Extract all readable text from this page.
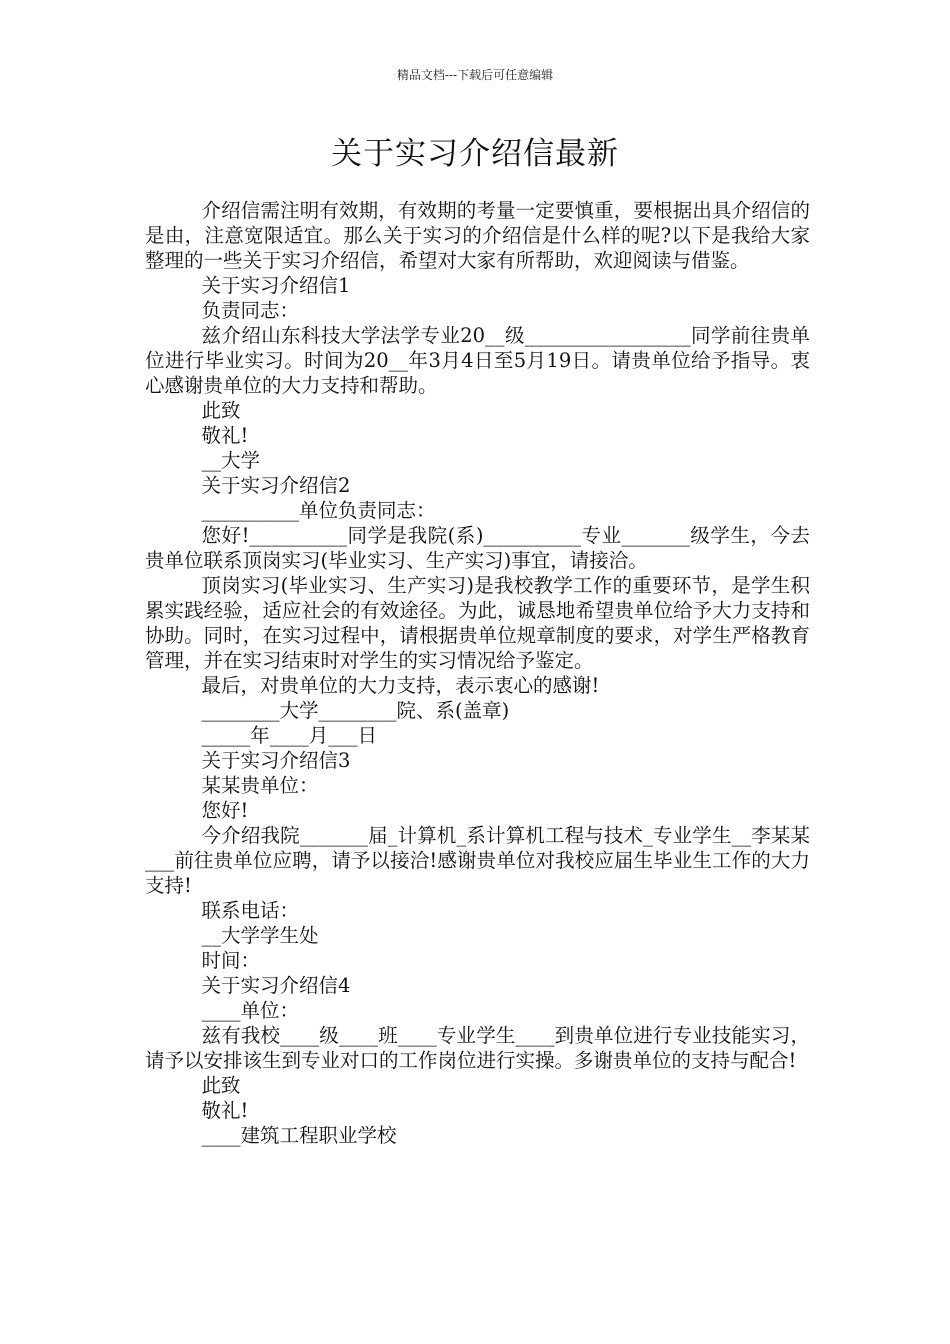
精品文档---下载后可任意编辑
关于实习介绍信最新

介绍信需注明有效期，有效期的考量一定要慎重，要根据出具介绍信的是由，注意宽限适宜。那么关于实习的介绍信是什么样的呢?以下是我给大家整理的一些关于实习介绍信，希望对大家有所帮助，欢迎阅读与借鉴。

关于实习介绍信1

负责同志：

兹介绍山东科技大学法学专业20__级_________________同学前往贵单位进行毕业实习。时间为20__年3月4日至5月19日。请贵单位给予指导。衷心感谢贵单位的大力支持和帮助。

此致

敬礼!

__大学

关于实习介绍信2

__________单位负责同志：

您好!__________同学是我院(系)__________专业_______级学生，今去贵单位联系顶岗实习(毕业实习、生产实习)事宜，请接洽。

顶岗实习(毕业实习、生产实习)是我校教学工作的重要环节，是学生积累实践经验，适应社会的有效途径。为此，诚恳地希望贵单位给予大力支持和协助。同时，在实习过程中，请根据贵单位规章制度的要求，对学生严格教育管理，并在实习结束时对学生的实习情况给予鉴定。

最后，对贵单位的大力支持，表示衷心的感谢!

________大学________院、系(盖章)

_____年____月___日

关于实习介绍信3

某某贵单位：

您好!

今介绍我院_______届_计算机_系计算机工程与技术_专业学生__李某某___前往贵单位应聘，请予以接洽!感谢贵单位对我校应届生毕业生工作的大力支持!

联系电话：

__大学学生处

时间：

关于实习介绍信4

____单位：

兹有我校____级____班____专业学生____到贵单位进行专业技能实习，请予以安排该生到专业对口的工作岗位进行实操。多谢贵单位的支持与配合!

此致

敬礼!

____建筑工程职业学校
